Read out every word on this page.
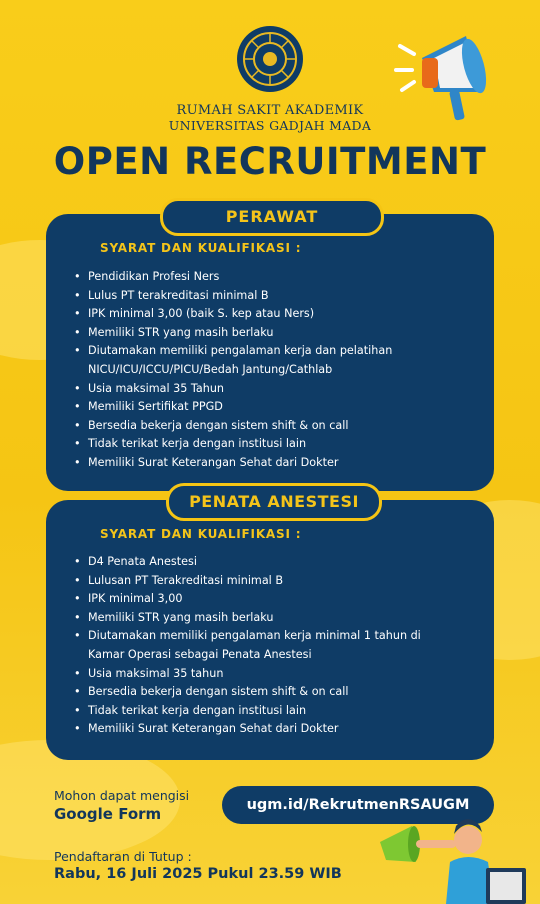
RUMAH SAKIT AKADEMIK
UNIVERSITAS GADJAH MADA
OPEN RECRUITMENT
PERAWAT
SYARAT DAN KUALIFIKASI :
• Pendidikan Profesi Ners
• Lulus PT terakreditasi minimal B
• IPK minimal 3,00 (baik S. kep atau Ners)
• Memiliki STR yang masih berlaku
• Diutamakan memiliki pengalaman kerja dan pelatihan
NICU/ICU/ICCU/PICU/Bedah Jantung/Cathlab
• Usia maksimal 35 Tahun
• Memiliki Sertifikat PPGD
• Bersedia bekerja dengan sistem shift & on call
• Tidak terikat kerja dengan institusi lain
• Memiliki Surat Keterangan Sehat dari Dokter
PENATA ANESTESI
SYARAT DAN KUALIFIKASI :
• D4 Penata Anestesi
• Lulusan PT Terakreditasi minimal B
• IPK minimal 3,00
• Memiliki STR yang masih berlaku
• Diutamakan memiliki pengalaman kerja minimal 1 tahun di
Kamar Operasi sebagai Penata Anestesi
• Usia maksimal 35 tahun
• Bersedia bekerja dengan sistem shift & on call
• Tidak terikat kerja dengan institusi lain
• Memiliki Surat Keterangan Sehat dari Dokter
Mohon dapat mengisi
Google Form	ugm.id/RekrutmenRSAUGM
Pendaftaran di Tutup :
Rabu, 16 Juli 2025 Pukul 23.59 WIB
